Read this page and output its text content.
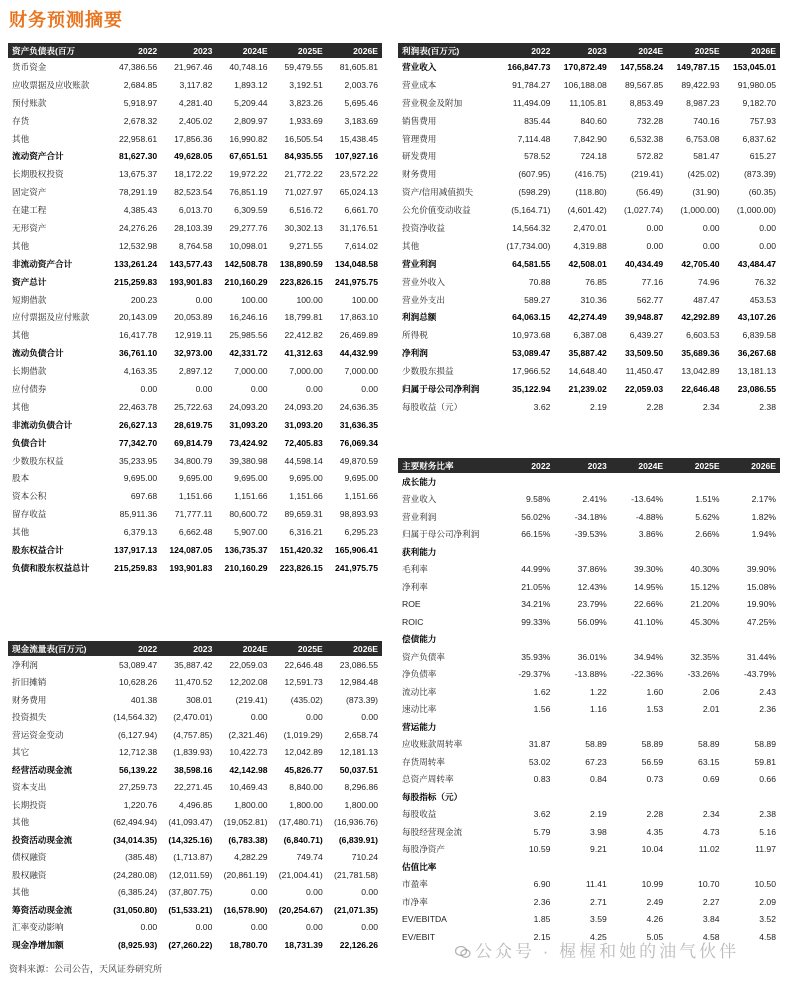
财务预测摘要
资产负债表(百万	2022	2023	2024E	2025E	2026E
货币资金	47,386.56	21,967.46	40,748.16	59,479.55	81,605.81
应收票据及应收账款	2,684.85	3,117.82	1,893.12	3,192.51	2,003.76
预付账款	5,918.97	4,281.40	5,209.44	3,823.26	5,695.46
存货	2,678.32	2,405.02	2,809.97	1,933.69	3,183.69
其他	22,958.61	17,856.36	16,990.82	16,505.54	15,438.45
流动资产合计	81,627.30	49,628.05	67,651.51	84,935.55	107,927.16
长期股权投资	13,675.37	18,172.22	19,972.22	21,772.22	23,572.22
固定资产	78,291.19	82,523.54	76,851.19	71,027.97	65,024.13
在建工程	4,385.43	6,013.70	6,309.59	6,516.72	6,661.70
无形资产	24,276.26	28,103.39	29,277.76	30,302.13	31,176.51
其他	12,532.98	8,764.58	10,098.01	9,271.55	7,614.02
非流动资产合计	133,261.24	143,577.43	142,508.78	138,890.59	134,048.58
资产总计	215,259.83	193,901.83	210,160.29	223,826.15	241,975.75
短期借款	200.23	0.00	100.00	100.00	100.00
应付票据及应付账款	20,143.09	20,053.89	16,246.16	18,799.81	17,863.10
其他	16,417.78	12,919.11	25,985.56	22,412.82	26,469.89
流动负债合计	36,761.10	32,973.00	42,331.72	41,312.63	44,432.99
长期借款	4,163.35	2,897.12	7,000.00	7,000.00	7,000.00
应付债券	0.00	0.00	0.00	0.00	0.00
其他	22,463.78	25,722.63	24,093.20	24,093.20	24,636.35
非流动负债合计	26,627.13	28,619.75	31,093.20	31,093.20	31,636.35
负债合计	77,342.70	69,814.79	73,424.92	72,405.83	76,069.34
少数股东权益	35,233.95	34,800.79	39,380.98	44,598.14	49,870.59
股本	9,695.00	9,695.00	9,695.00	9,695.00	9,695.00
资本公积	697.68	1,151.66	1,151.66	1,151.66	1,151.66
留存收益	85,911.36	71,777.11	80,600.72	89,659.31	98,893.93
其他	6,379.13	6,662.48	5,907.00	6,316.21	6,295.23
股东权益合计	137,917.13	124,087.05	136,735.37	151,420.32	165,906.41
负债和股东权益总计	215,259.83	193,901.83	210,160.29	223,826.15	241,975.75
利润表(百万元)	2022	2023	2024E	2025E	2026E
营业收入	166,847.73	170,872.49	147,558.24	149,787.15	153,045.01
营业成本	91,784.27	106,188.08	89,567.85	89,422.93	91,980.05
营业税金及附加	11,494.09	11,105.81	8,853.49	8,987.23	9,182.70
销售费用	835.44	840.60	732.28	740.16	757.93
管理费用	7,114.48	7,842.90	6,532.38	6,753.08	6,837.62
研发费用	578.52	724.18	572.82	581.47	615.27
财务费用	(607.95)	(416.75)	(219.41)	(425.02)	(873.39)
资产/信用减值损失	(598.29)	(118.80)	(56.49)	(31.90)	(60.35)
公允价值变动收益	(5,164.71)	(4,601.42)	(1,027.74)	(1,000.00)	(1,000.00)
投资净收益	14,564.32	2,470.01	0.00	0.00	0.00
其他	(17,734.00)	4,319.88	0.00	0.00	0.00
营业利润	64,581.55	42,508.01	40,434.49	42,705.40	43,484.47
营业外收入	70.88	76.85	77.16	74.96	76.32
营业外支出	589.27	310.36	562.77	487.47	453.53
利润总额	64,063.15	42,274.49	39,948.87	42,292.89	43,107.26
所得税	10,973.68	6,387.08	6,439.27	6,603.53	6,839.58
净利润	53,089.47	35,887.42	33,509.50	35,689.36	36,267.68
少数股东损益	17,966.52	14,648.40	11,450.47	13,042.89	13,181.13
归属于母公司净利润	35,122.94	21,239.02	22,059.03	22,646.48	23,086.55
每股收益（元）	3.62	2.19	2.28	2.34	2.38
主要财务比率	2022	2023	2024E	2025E	2026E
成长能力					
营业收入	9.58%	2.41%	-13.64%	1.51%	2.17%
营业利润	56.02%	-34.18%	-4.88%	5.62%	1.82%
归属于母公司净利润	66.15%	-39.53%	3.86%	2.66%	1.94%
获利能力					
毛利率	44.99%	37.86%	39.30%	40.30%	39.90%
净利率	21.05%	12.43%	14.95%	15.12%	15.08%
ROE	34.21%	23.79%	22.66%	21.20%	19.90%
ROIC	99.33%	56.09%	41.10%	45.30%	47.25%
偿债能力					
资产负债率	35.93%	36.01%	34.94%	32.35%	31.44%
净负债率	-29.37%	-13.88%	-22.36%	-33.26%	-43.79%
流动比率	1.62	1.22	1.60	2.06	2.43
速动比率	1.56	1.16	1.53	2.01	2.36
营运能力					
应收账款周转率	31.87	58.89	58.89	58.89	58.89
存货周转率	53.02	67.23	56.59	63.15	59.81
总资产周转率	0.83	0.84	0.73	0.69	0.66
每股指标（元）					
每股收益	3.62	2.19	2.28	2.34	2.38
每股经营现金流	5.79	3.98	4.35	4.73	5.16
每股净资产	10.59	9.21	10.04	11.02	11.97
估值比率					
市盈率	6.90	11.41	10.99	10.70	10.50
市净率	2.36	2.71	2.49	2.27	2.09
EV/EBITDA	1.85	3.59	4.26	3.84	3.52
EV/EBIT	2.15	4.25	5.05	4.58	4.58
现金流量表(百万元)	2022	2023	2024E	2025E	2026E
净利润	53,089.47	35,887.42	22,059.03	22,646.48	23,086.55
折旧摊销	10,628.26	11,470.52	12,202.08	12,591.73	12,984.48
财务费用	401.38	308.01	(219.41)	(435.02)	(873.39)
投资损失	(14,564.32)	(2,470.01)	0.00	0.00	0.00
营运资金变动	(6,127.94)	(4,757.85)	(2,321.46)	(1,019.29)	2,658.74
其它	12,712.38	(1,839.93)	10,422.73	12,042.89	12,181.13
经营活动现金流	56,139.22	38,598.16	42,142.98	45,826.77	50,037.51
资本支出	27,259.73	22,271.45	10,469.43	8,840.00	8,296.86
长期投资	1,220.76	4,496.85	1,800.00	1,800.00	1,800.00
其他	(62,494.94)	(41,093.47)	(19,052.81)	(17,480.71)	(16,936.76)
投资活动现金流	(34,014.35)	(14,325.16)	(6,783.38)	(6,840.71)	(6,839.91)
债权融资	(385.48)	(1,713.87)	4,282.29	749.74	710.24
股权融资	(24,280.08)	(12,011.59)	(20,861.19)	(21,004.41)	(21,781.58)
其他	(6,385.24)	(37,807.75)	0.00	0.00	0.00
筹资活动现金流	(31,050.80)	(51,533.21)	(16,578.90)	(20,254.67)	(21,071.35)
汇率变动影响	0.00	0.00	0.00	0.00	0.00
现金净增加额	(8,925.93)	(27,260.22)	18,780.70	18,731.39	22,126.26
资料来源：公司公告，天风证券研究所
公众号 · 楃楃和她的油气伙伴
